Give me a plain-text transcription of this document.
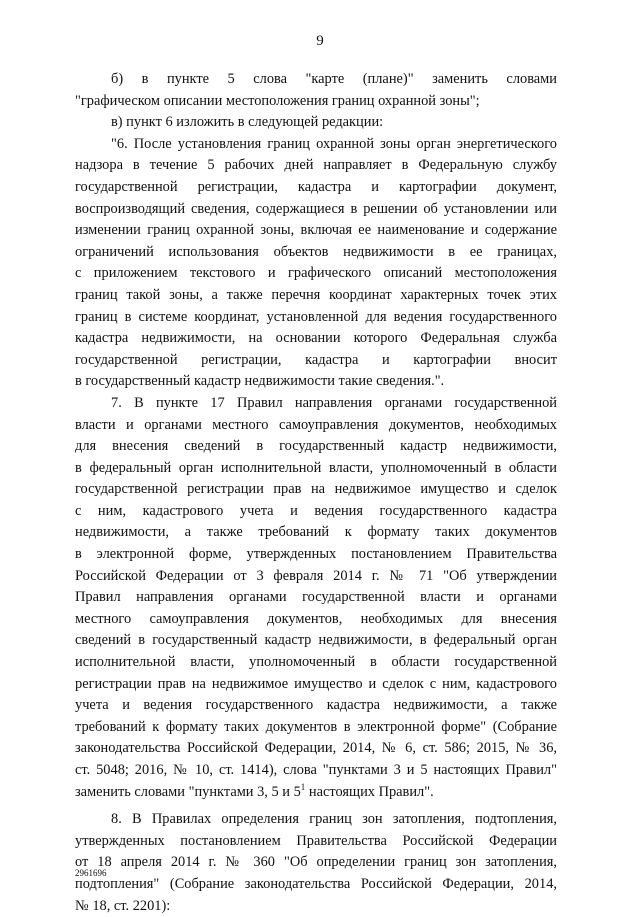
9
б) в пункте 5 слова "карте (плане)" заменить словами
"графическом описании местоположения границ охранной зоны";
в) пункт 6 изложить в следующей редакции:
"6. После установления границ охранной зоны орган энергетического
надзора в течение 5 рабочих дней направляет в Федеральную службу
государственной регистрации, кадастра и картографии документ,
воспроизводящий сведения, содержащиеся в решении об установлении или
изменении границ охранной зоны, включая ее наименование и содержание
ограничений использования объектов недвижимости в ее границах,
с приложением текстового и графического описаний местоположения
границ такой зоны, а также перечня координат характерных точек этих
границ в системе координат, установленной для ведения государственного
кадастра недвижимости, на основании которого Федеральная служба
государственной регистрации, кадастра и картографии вносит
в государственный кадастр недвижимости такие сведения.".
7. В пункте 17 Правил направления органами государственной
власти и органами местного самоуправления документов, необходимых
для внесения сведений в государственный кадастр недвижимости,
в федеральный орган исполнительной власти, уполномоченный в области
государственной регистрации прав на недвижимое имущество и сделок
с ним, кадастрового учета и ведения государственного кадастра
недвижимости, а также требований к формату таких документов
в электронной форме, утвержденных постановлением Правительства
Российской Федерации от 3 февраля 2014 г. № 71 "Об утверждении
Правил направления органами государственной власти и органами
местного самоуправления документов, необходимых для внесения
сведений в государственный кадастр недвижимости, в федеральный орган
исполнительной власти, уполномоченный в области государственной
регистрации прав на недвижимое имущество и сделок с ним, кадастрового
учета и ведения государственного кадастра недвижимости, а также
требований к формату таких документов в электронной форме" (Собрание
законодательства Российской Федерации, 2014, № 6, ст. 586; 2015, № 36,
ст. 5048; 2016, № 10, ст. 1414), слова "пунктами 3 и 5 настоящих Правил"
заменить словами "пунктами 3, 5 и $5^1$ настоящих Правил".
8. В Правилах определения границ зон затопления, подтопления,
утвержденных постановлением Правительства Российской Федерации
от 18 апреля 2014 г. № 360 "Об определении границ зон затопления,
подтопления" (Собрание законодательства Российской Федерации, 2014,
№ 18, ст. 2201):
2961696
